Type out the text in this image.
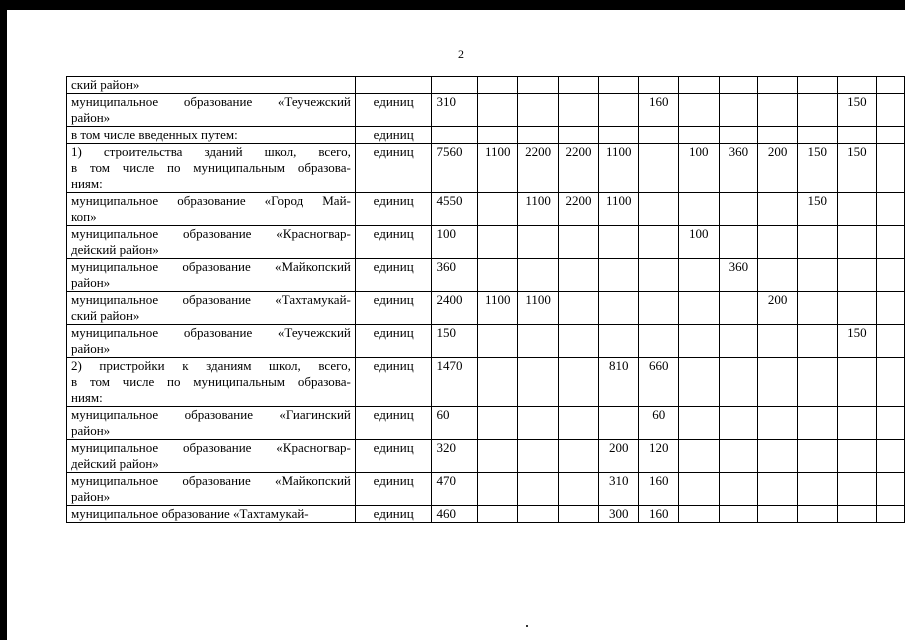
2
ский район»													

муниципальное образование «Теучежский
район»	единиц	310					160					150	

в том числе введенных путем:	единиц												

1) строительства зданий школ, всего,
в том числе по муниципальным образова-
ниям:	единиц	7560	1100	2200	2200	1100		100	360	200	150	150	

муниципальное образование «Город Май-
коп»	единиц	4550		1100	2200	1100					150		

муниципальное образование «Красногвар-
дейский район»	единиц	100						100					

муниципальное образование «Майкопский
район»	единиц	360							360				

муниципальное образование «Тахтамукай-
ский район»	единиц	2400	1100	1100						200			

муниципальное образование «Теучежский
район»	единиц	150										150	

2) пристройки к зданиям школ, всего,
в том числе по муниципальным образова-
ниям:	единиц	1470				810	660						

муниципальное образование «Гиагинский
район»	единиц	60					60						

муниципальное образование «Красногвар-
дейский район»	единиц	320				200	120						

муниципальное образование «Майкопский
район»	единиц	470				310	160						

муниципальное образование «Тахтамукай-	единиц	460				300	160						
